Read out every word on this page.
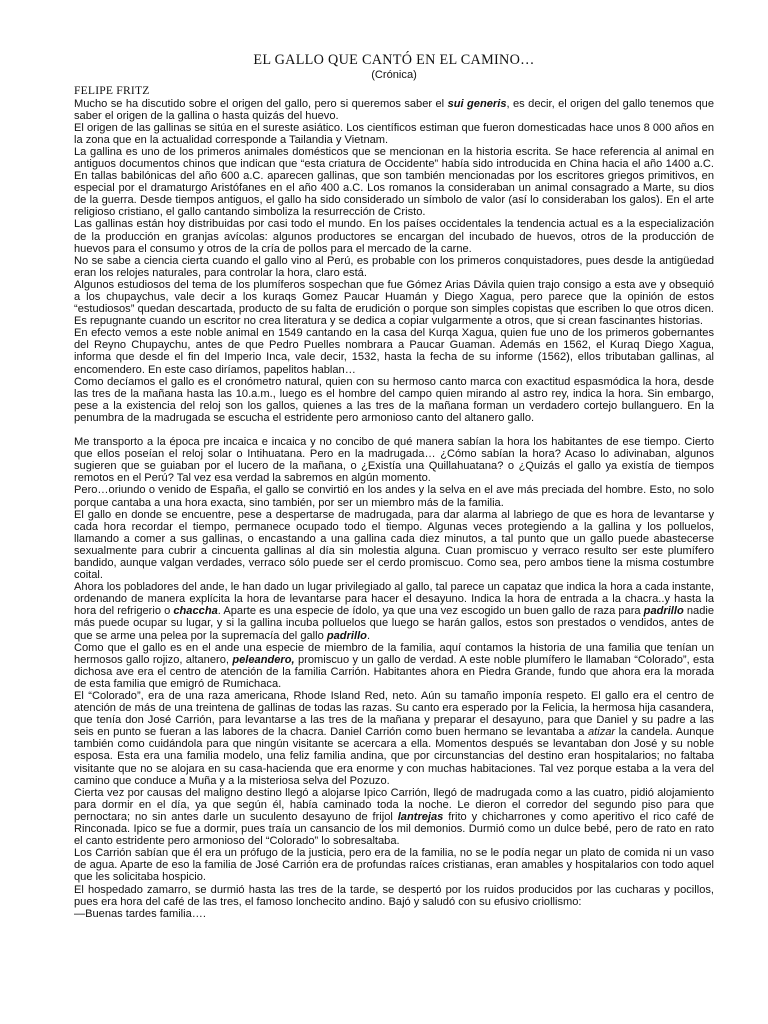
EL GALLO QUE CANTÓ EN EL CAMINO…

(Crónica)

FELIPE FRITZ

Mucho se ha discutido sobre el origen del gallo, pero si queremos saber el sui generis, es decir, el origen del gallo tenemos que saber el origen de la gallina o hasta quizás del huevo.

El origen de las gallinas se sitúa en el sureste asiático. Los científicos estiman que fueron domesticadas hace unos 8 000 años en la zona que en la actualidad corresponde a Tailandia y Vietnam.

La gallina es uno de los primeros animales domésticos que se mencionan en la historia escrita. Se hace referencia al animal en antiguos documentos chinos que indican que “esta criatura de Occidente” había sido introducida en China hacia el año 1400 a.C. En tallas babilónicas del año 600 a.C. aparecen gallinas, que son también mencionadas por los escritores griegos primitivos, en especial por el dramaturgo Aristófanes en el año 400 a.C. Los romanos la consideraban un animal consagrado a Marte, su dios de la guerra. Desde tiempos antiguos, el gallo ha sido considerado un símbolo de valor (así lo consideraban los galos). En el arte religioso cristiano, el gallo cantando simboliza la resurrección de Cristo.

Las gallinas están hoy distribuidas por casi todo el mundo. En los países occidentales la tendencia actual es a la especialización de la producción en granjas avícolas: algunos productores se encargan del incubado de huevos, otros de la producción de huevos para el consumo y otros de la cría de pollos para el mercado de la carne.

No se sabe a ciencia cierta cuando el gallo vino al Perú, es probable con los primeros conquistadores, pues desde la antigüedad eran los relojes naturales, para controlar la hora, claro está.

Algunos estudiosos del tema de los plumíferos sospechan que fue Gómez Arias Dávila quien trajo consigo a esta ave y obsequió a los chupaychus, vale decir a los kuraqs Gomez Paucar Huamán y Diego Xagua, pero parece que la opinión de estos “estudiosos” quedan descartada, producto de su falta de erudición o porque son simples copistas que escriben lo que otros dicen. Es repugnante cuando un escritor no crea literatura y se dedica a copiar vulgarmente a otros, que si crean fascinantes historias.

En efecto vemos a este noble animal en 1549 cantando en la casa del Kurqa Xagua, quien fue uno de los primeros gobernantes del Reyno Chupaychu, antes de que Pedro Puelles nombrara a Paucar Guaman. Además en 1562, el Kuraq Diego Xagua, informa que desde el fin del Imperio Inca, vale decir, 1532, hasta la fecha de su informe (1562), ellos tributaban gallinas, al encomendero. En este caso diríamos, papelitos hablan…

Como decíamos el gallo es el cronómetro natural, quien con su hermoso canto marca con exactitud espasmódica la hora, desde las tres de la mañana hasta las 10.a.m., luego es el hombre del campo quien mirando al astro rey, indica la hora. Sin embargo, pese a la existencia del reloj son los gallos, quienes a las tres de la mañana forman un verdadero cortejo bullanguero. En la penumbra de la madrugada se escucha el estridente pero armonioso canto del altanero gallo.

Me transporto a la época pre incaica e incaica y no concibo de qué manera sabían la hora los habitantes de ese tiempo. Cierto que ellos poseían el reloj solar o Intihuatana. Pero en la madrugada… ¿Cómo sabían la hora? Acaso lo adivinaban, algunos sugieren que se guiaban por el lucero de la mañana, o ¿Existía una Quillahuatana? o ¿Quizás el gallo ya existía de tiempos remotos en el Perú? Tal vez esa verdad la sabremos en algún momento.

Pero…oriundo o venido de España, el gallo se convirtió en los andes y la selva en el ave más preciada del hombre. Esto, no solo porque cantaba a una hora exacta, sino también, por ser un miembro más de la familia.

El gallo en donde se encuentre, pese a despertarse de madrugada, para dar alarma al labriego de que es hora de levantarse y cada hora recordar el tiempo, permanece ocupado todo el tiempo. Algunas veces protegiendo a la gallina y los polluelos, llamando a comer a sus gallinas, o encastando a una gallina cada diez minutos, a tal punto que un gallo puede abastecerse sexualmente para cubrir a cincuenta gallinas al día sin molestia alguna. Cuan promiscuo y verraco resulto ser este plumífero bandido, aunque valgan verdades, verraco sólo puede ser el cerdo promiscuo. Como sea, pero ambos tiene la misma costumbre coital.

Ahora los pobladores del ande, le han dado un lugar privilegiado al gallo, tal parece un capataz que indica la hora a cada instante, ordenando de manera explícita la hora de levantarse para hacer el desayuno. Indica la hora de entrada a la chacra..y hasta la hora del refrigerio o chaccha. Aparte es una especie de ídolo, ya que una vez escogido un buen gallo de raza para padrillo nadie más puede ocupar su lugar, y si la gallina incuba polluelos que luego se harán gallos, estos son prestados o vendidos, antes de que se arme una pelea por la supremacía del gallo padrillo.

Como que el gallo es en el ande una especie de miembro de la familia, aquí contamos la historia de una familia que tenían un hermosos gallo rojizo, altanero, peleandero, promiscuo y un gallo de verdad. A este noble plumífero le llamaban “Colorado”, esta dichosa ave era el centro de atención de la familia Carrión. Habitantes ahora en Piedra Grande, fundo que ahora era la morada de esta familia que emigró de Rumichaca.

El “Colorado”, era de una raza americana, Rhode Island Red, neto. Aún su tamaño imponía respeto. El gallo era el centro de atención de más de una treintena de gallinas de todas las razas. Su canto era esperado por la Felicia, la hermosa hija casandera, que tenía don José Carrión, para levantarse a las tres de la mañana y preparar el desayuno, para que Daniel y su padre a las seis en punto se fueran a las labores de la chacra. Daniel Carrión como buen hermano se levantaba a atizar la candela. Aunque también como cuidándola para que ningún visitante se acercara a ella. Momentos después se levantaban don José y su noble esposa. Esta era una familia modelo, una feliz familia andina, que por circunstancias del destino eran hospitalarios; no faltaba visitante que no se alojara en su casa-hacienda que era enorme y con muchas habitaciones. Tal vez porque estaba a la vera del camino que conduce a Muña y a la misteriosa selva del Pozuzo.

Cierta vez por causas del maligno destino llegó a alojarse Ipico Carrión, llegó de madrugada como a las cuatro, pidió alojamiento para dormir en el día, ya que según él, había caminado toda la noche. Le dieron el corredor del segundo piso para que pernoctara; no sin antes darle un suculento desayuno de frijol lantrejas frito y chicharrones y como aperitivo el rico café de Rinconada. Ipico se fue a dormir, pues traía un cansancio de los mil demonios. Durmió como un dulce bebé, pero de rato en rato el canto estridente pero armonioso del “Colorado” lo sobresaltaba.

Los Carrión sabían que él era un prófugo de la justicia, pero era de la familia, no se le podía negar un plato de comida ni un vaso de agua. Aparte de eso la familia de José Carrión era de profundas raíces cristianas, eran amables y hospitalarios con todo aquel que les solicitaba hospicio.

El hospedado zamarro, se durmió hasta las tres de la tarde, se despertó por los ruidos producidos por las cucharas y pocillos, pues era hora del café de las tres, el famoso lonchecito andino. Bajó y saludó con su efusivo criollismo:

—Buenas tardes familia….
